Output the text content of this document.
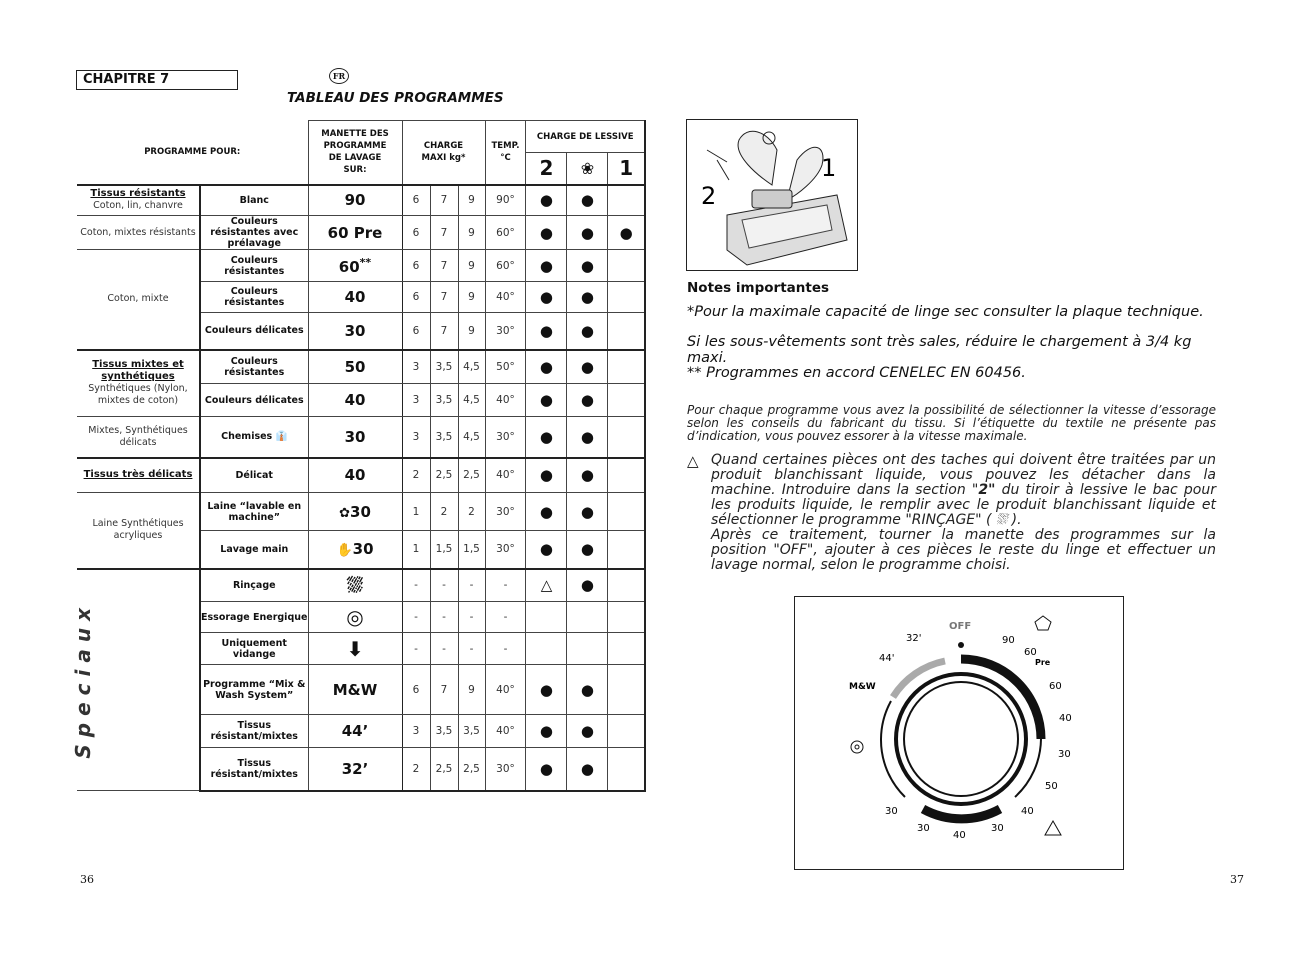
CHAPITRE 7	FR
TABLEAU DES PROGRAMMES
PROGRAMME POUR:		MANETTE DES PROGRAMME DE LAVAGE SUR:	CHARGE MAXI kg*			TEMP. °C	CHARGE DE LESSIVE		
							2	❀	1
Tissus résistants
Coton, lin, chanvre	Blanc	90	6	7	9	90°	●	●	
Coton, mixtes résistants	Couleurs résistantes avec prélavage	60 Pre	6	7	9	60°	●	●	●
Coton, mixte	Couleurs résistantes	60**	6	7	9	60°	●	●	
	Couleurs résistantes	40	6	7	9	40°	●	●	
	Couleurs délicates	30	6	7	9	30°	●	●	
Tissus mixtes et synthétiques
Synthétiques (Nylon, mixtes de coton)	Couleurs résistantes	50	3	3,5	4,5	50°	●	●	
	Couleurs délicates	40	3	3,5	4,5	40°	●	●	
Mixtes, Synthétiques délicats	Chemises 👔	30	3	3,5	4,5	30°	●	●	
Tissus très délicats	Délicat	40	2	2,5	2,5	40°	●	●	
Laine Synthétiques acryliques	Laine “lavable en machine”	✿30	1	2	2	30°	●	●	
	Lavage main	✋30	1	1,5	1,5	30°	●	●	

Speciaux	Rinçage	⛆	-	-	-	-	△	●	
	Essorage Energique	◎	-	-	-	-			
	Uniquement vidange	⬇	-	-	-	-			
	Programme “Mix & Wash System”	M&W	6	7	9	40°	●	●	
	Tissus résistant/mixtes	44’	3	3,5	3,5	40°	●	●	
	Tissus résistant/mixtes	32’	2	2,5	2,5	30°	●	●	
2
1
Notes importantes
*Pour la maximale capacité de linge sec consulter la plaque technique.
Si les sous-vêtements sont très sales, réduire le chargement à 3/4 kg maxi.
** Programmes en accord CENELEC EN 60456.
Pour chaque programme vous avez la possibilité de sélectionner la vitesse d’essorage selon les conseils du fabricant du tissu. Si l’étiquette du textile ne présente pas d’indication, vous pouvez essorer à la vitesse maximale.
△ Quand certaines pièces ont des taches qui doivent être traitées par un produit blanchissant liquide, vous pouvez les détacher dans la machine. Introduire dans la section "2" du tiroir à lessive le bac pour les produits liquide, le remplir avec le produit blanchissant liquide et sélectionner le programme "RINÇAGE" ( ⛆ ).
Après ce traitement, tourner la manette des programmes sur la position "OFF", ajouter à ces pièces le reste du linge et effectuer un lavage normal, selon le programme choisi.
OFF
90
60
Pre
60
40
30
50
40
30
32'
44'
M&W
30
30
40
36	37
